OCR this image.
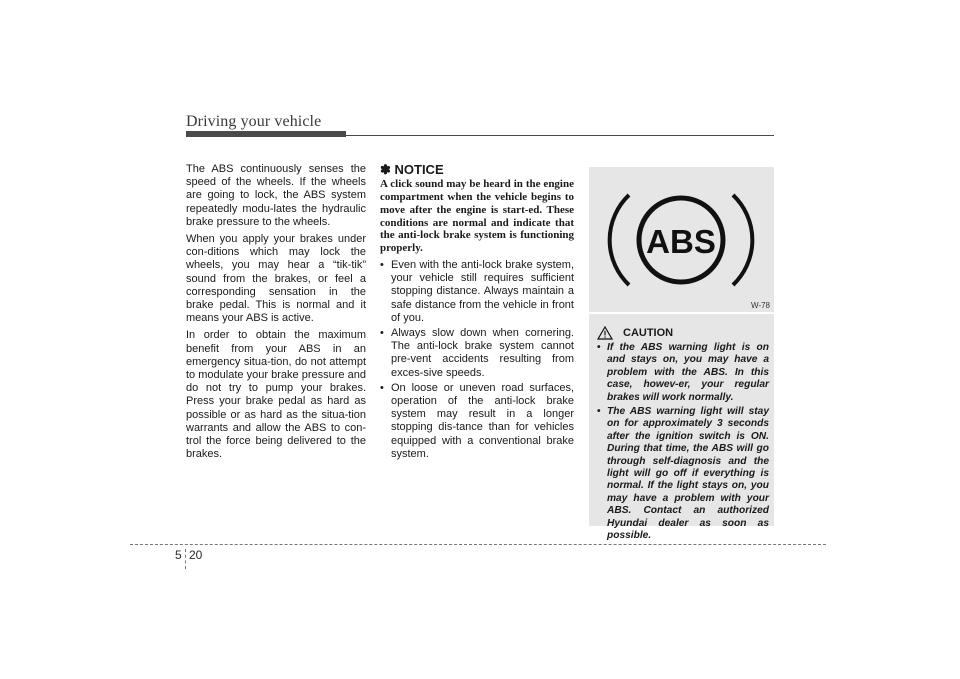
Driving your vehicle

The ABS continuously senses the speed of the wheels. If the wheels are going to lock, the ABS system repeatedly modu-lates the hydraulic brake pressure to the wheels.

When you apply your brakes under con-ditions which may lock the wheels, you may hear a “tik-tik” sound from the brakes, or feel a corresponding sensation in the brake pedal. This is normal and it means your ABS is active.

In order to obtain the maximum benefit from your ABS in an emergency situa-tion, do not attempt to modulate your brake pressure and do not try to pump your brakes. Press your brake pedal as hard as possible or as hard as the situa-tion warrants and allow the ABS to con-trol the force being delivered to the brakes.

✽ NOTICE
A click sound may be heard in the engine compartment when the vehicle begins to move after the engine is start-ed. These conditions are normal and indicate that the anti-lock brake system is functioning properly.
• Even with the anti-lock brake system, your vehicle still requires sufficient stopping distance. Always maintain a safe distance from the vehicle in front of you.
• Always slow down when cornering. The anti-lock brake system cannot pre-vent accidents resulting from exces-sive speeds.
• On loose or uneven road surfaces, operation of the anti-lock brake system may result in a longer stopping dis-tance than for vehicles equipped with a conventional brake system.
ABS
W-78
CAUTION
• If the ABS warning light is on and stays on, you may have a problem with the ABS. In this case, howev-er, your regular brakes will work normally.
• The ABS warning light will stay on for approximately 3 seconds after the ignition switch is ON. During that time, the ABS will go through self-diagnosis and the light will go off if everything is normal. If the light stays on, you may have a problem with your ABS. Contact an authorized Hyundai dealer as soon as possible.
5 20
